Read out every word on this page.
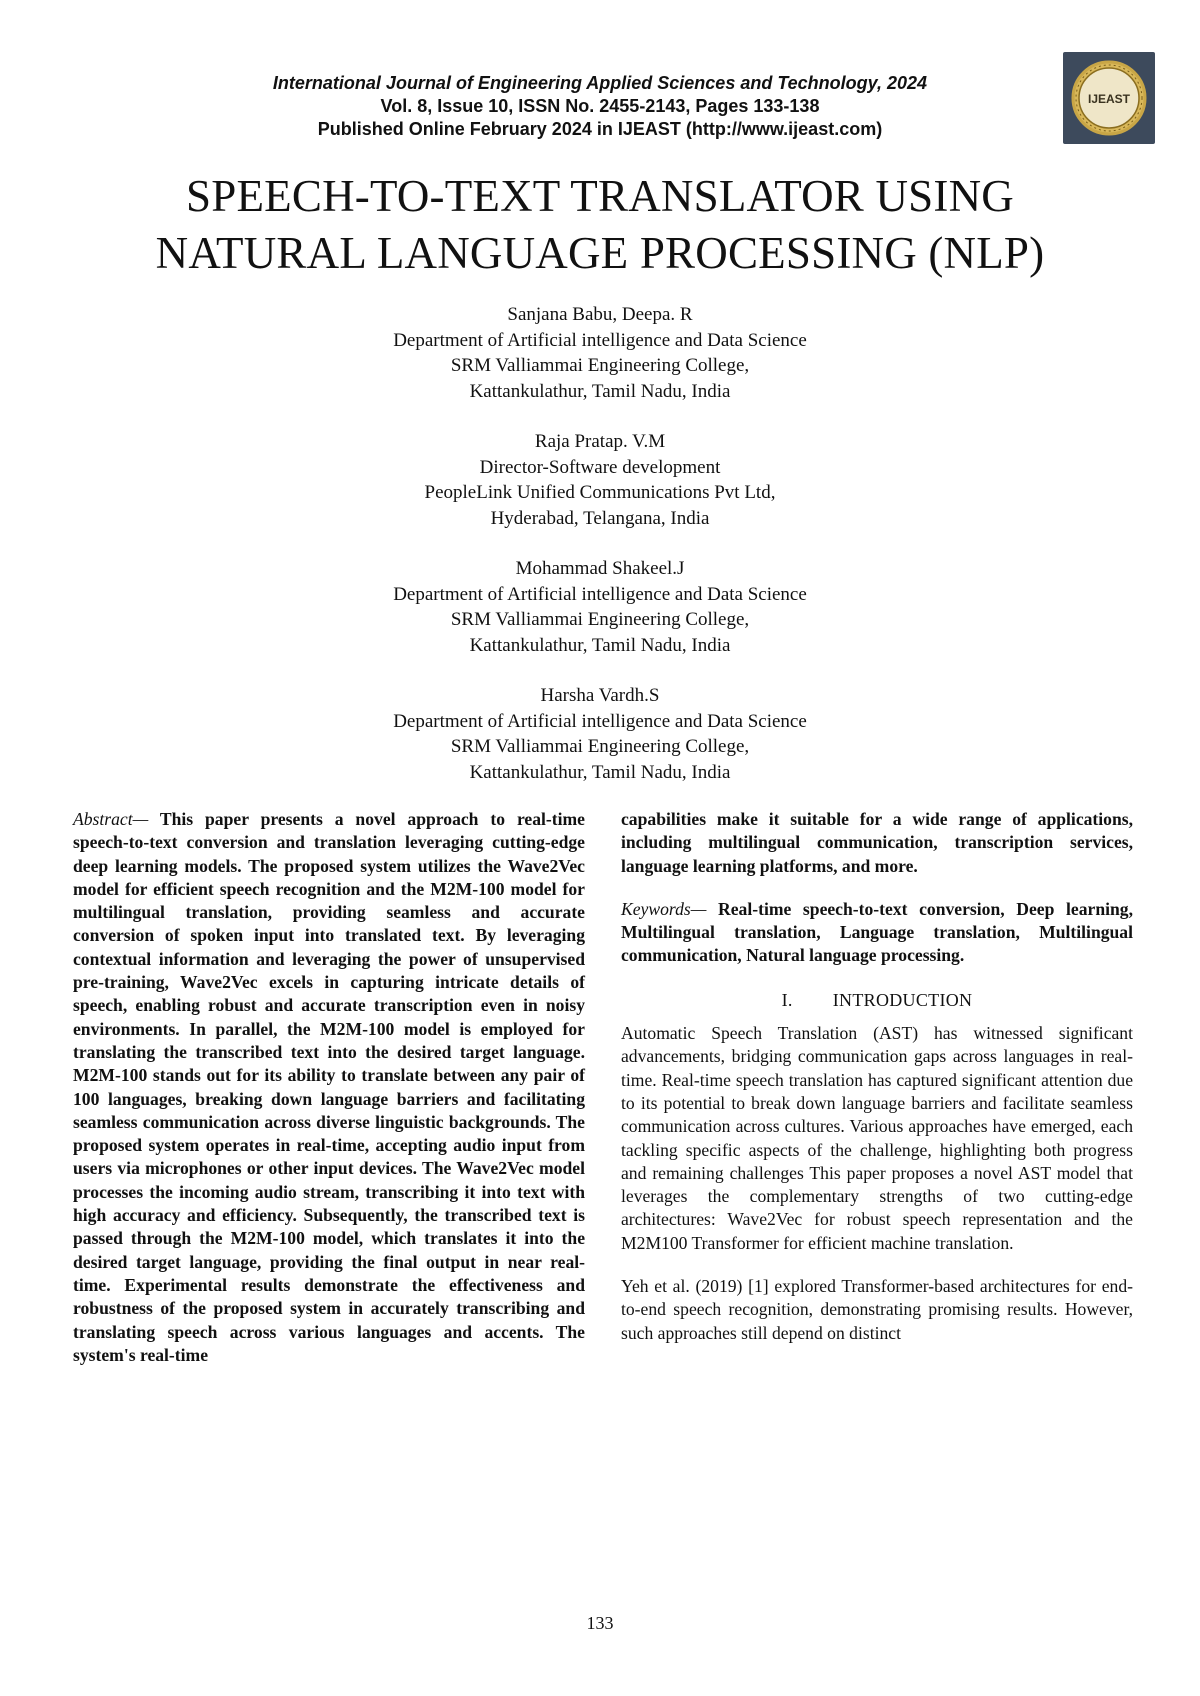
International Journal of Engineering Applied Sciences and Technology, 2024
Vol. 8, Issue 10, ISSN No. 2455-2143, Pages 133-138
Published Online February 2024 in IJEAST (http://www.ijeast.com)
IJEAST
SPEECH-TO-TEXT TRANSLATOR USING
NATURAL LANGUAGE PROCESSING (NLP)
Sanjana Babu, Deepa. R
Department of Artificial intelligence and Data Science
SRM Valliammai Engineering College,
Kattankulathur, Tamil Nadu, India
Raja Pratap. V.M
Director-Software development
PeopleLink Unified Communications Pvt Ltd,
Hyderabad, Telangana, India
Mohammad Shakeel.J
Department of Artificial intelligence and Data Science
SRM Valliammai Engineering College,
Kattankulathur, Tamil Nadu, India
Harsha Vardh.S
Department of Artificial intelligence and Data Science
SRM Valliammai Engineering College,
Kattankulathur, Tamil Nadu, India

Abstract— This paper presents a novel approach to real-time speech-to-text conversion and translation leveraging cutting-edge deep learning models. The proposed system utilizes the Wave2Vec model for efficient speech recognition and the M2M-100 model for multilingual translation, providing seamless and accurate conversion of spoken input into translated text. By leveraging contextual information and leveraging the power of unsupervised pre-training, Wave2Vec excels in capturing intricate details of speech, enabling robust and accurate transcription even in noisy environments. In parallel, the M2M-100 model is employed for translating the transcribed text into the desired target language. M2M-100 stands out for its ability to translate between any pair of 100 languages, breaking down language barriers and facilitating seamless communication across diverse linguistic backgrounds. The proposed system operates in real-time, accepting audio input from users via microphones or other input devices. The Wave2Vec model processes the incoming audio stream, transcribing it into text with high accuracy and efficiency. Subsequently, the transcribed text is passed through the M2M-100 model, which translates it into the desired target language, providing the final output in near real-time. Experimental results demonstrate the effectiveness and robustness of the proposed system in accurately transcribing and translating speech across various languages and accents. The system's real-time

capabilities make it suitable for a wide range of applications, including multilingual communication, transcription services, language learning platforms, and more.

Keywords— Real-time speech-to-text conversion, Deep learning, Multilingual translation, Language translation, Multilingual communication, Natural language processing.

I. INTRODUCTION

Automatic Speech Translation (AST) has witnessed significant advancements, bridging communication gaps across languages in real-time. Real-time speech translation has captured significant attention due to its potential to break down language barriers and facilitate seamless communication across cultures. Various approaches have emerged, each tackling specific aspects of the challenge, highlighting both progress and remaining challenges This paper proposes a novel AST model that leverages the complementary strengths of two cutting-edge architectures: Wave2Vec for robust speech representation and the M2M100 Transformer for efficient machine translation.

Yeh et al. (2019) [1] explored Transformer-based architectures for end-to-end speech recognition, demonstrating promising results. However, such approaches still depend on distinct

133
